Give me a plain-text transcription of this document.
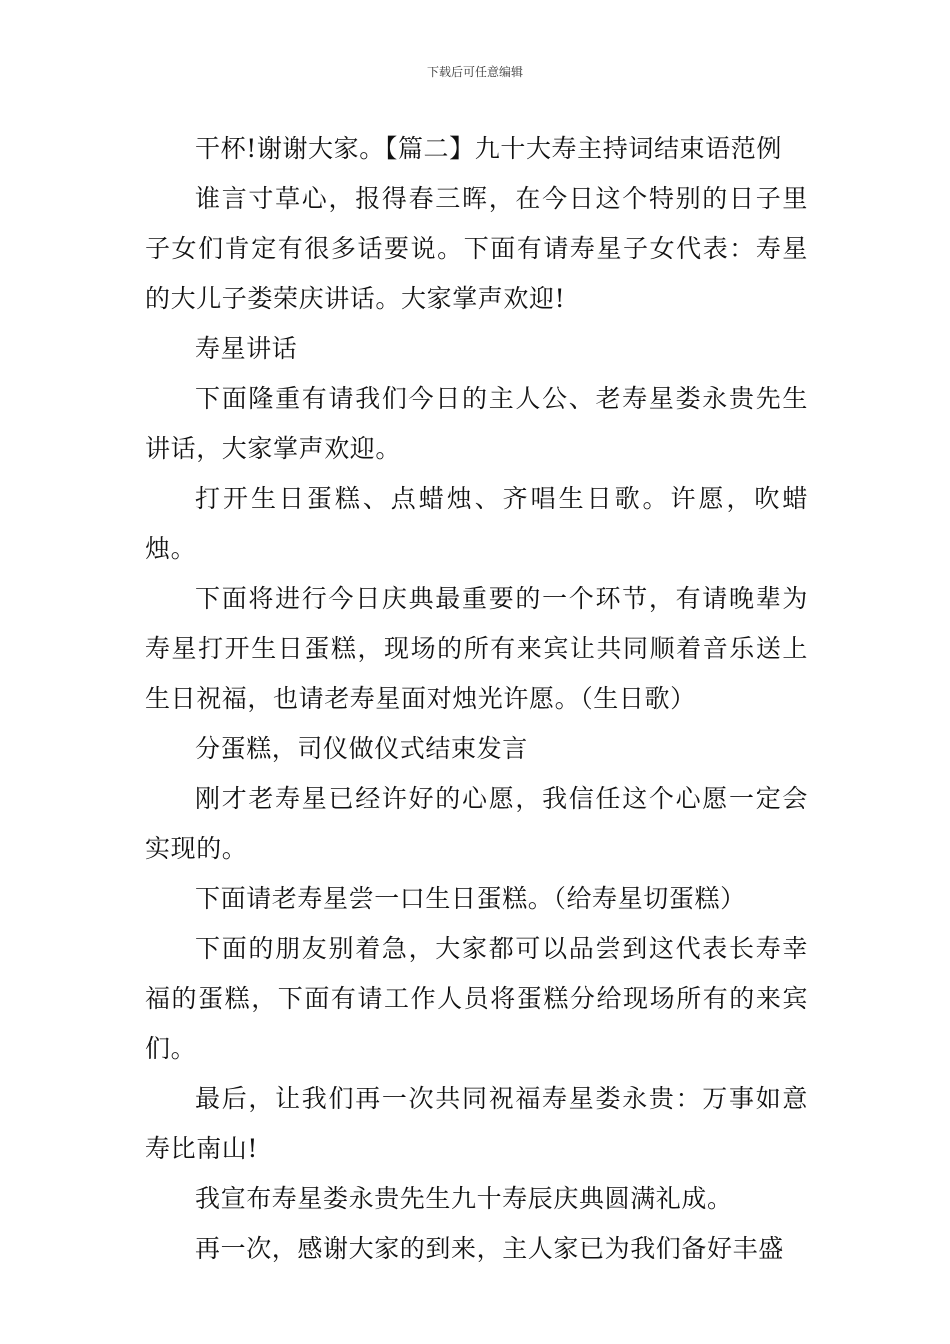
下载后可任意编辑

干杯!谢谢大家。【篇二】九十大寿主持词结束语范例

谁言寸草心，报得春三晖，在今日这个特别的日子里子女们肯定有很多话要说。下面有请寿星子女代表：寿星的大儿子娄荣庆讲话。大家掌声欢迎!

寿星讲话

下面隆重有请我们今日的主人公、老寿星娄永贵先生讲话，大家掌声欢迎。

打开生日蛋糕、点蜡烛、齐唱生日歌。许愿，吹蜡烛。

下面将进行今日庆典最重要的一个环节，有请晚辈为寿星打开生日蛋糕，现场的所有来宾让共同顺着音乐送上生日祝福，也请老寿星面对烛光许愿。（生日歌）

分蛋糕，司仪做仪式结束发言

刚才老寿星已经许好的心愿，我信任这个心愿一定会实现的。

下面请老寿星尝一口生日蛋糕。（给寿星切蛋糕）

下面的朋友别着急，大家都可以品尝到这代表长寿幸福的蛋糕，下面有请工作人员将蛋糕分给现场所有的来宾们。

最后，让我们再一次共同祝福寿星娄永贵：万事如意寿比南山!

我宣布寿星娄永贵先生九十寿辰庆典圆满礼成。

再一次，感谢大家的到来，主人家已为我们备好丰盛
